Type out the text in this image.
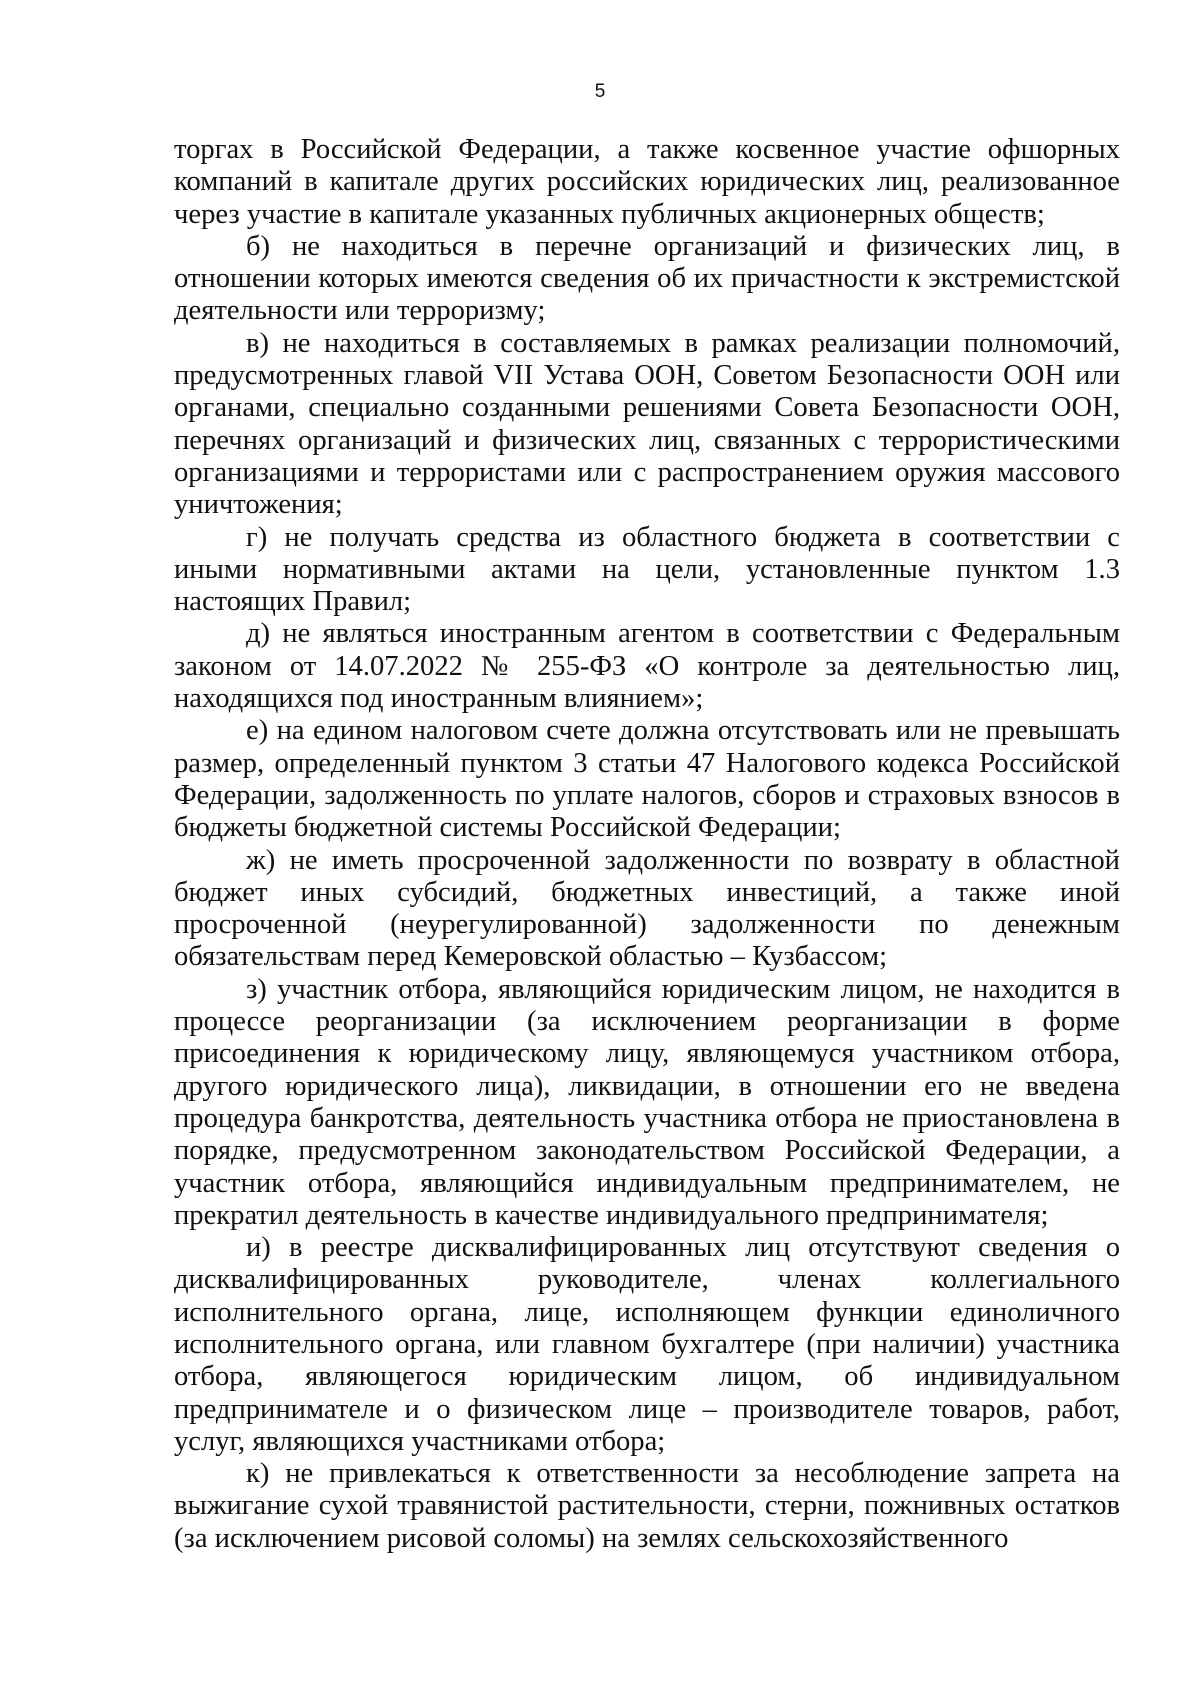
5

торгах в Российской Федерации, а также косвенное участие офшорных компаний в капитале других российских юридических лиц, реализованное через участие в капитале указанных публичных акционерных обществ;

б) не находиться в перечне организаций и физических лиц, в отношении которых имеются сведения об их причастности к экстремистской деятельности или терроризму;

в) не находиться в составляемых в рамках реализации полномочий, предусмотренных главой VII Устава ООН, Советом Безопасности ООН или органами, специально созданными решениями Совета Безопасности ООН, перечнях организаций и физических лиц, связанных с террористическими организациями и террористами или с распространением оружия массового уничтожения;

г) не получать средства из областного бюджета в соответствии с иными нормативными актами на цели, установленные пунктом 1.3 настоящих Правил;

д) не являться иностранным агентом в соответствии с Федеральным законом от 14.07.2022 № 255-ФЗ «О контроле за деятельностью лиц, находящихся под иностранным влиянием»;

е) на едином налоговом счете должна отсутствовать или не превышать размер, определенный пунктом 3 статьи 47 Налогового кодекса Российской Федерации, задолженность по уплате налогов, сборов и страховых взносов в бюджеты бюджетной системы Российской Федерации;

ж) не иметь просроченной задолженности по возврату в областной бюджет иных субсидий, бюджетных инвестиций, а также иной просроченной (неурегулированной) задолженности по денежным обязательствам перед Кемеровской областью – Кузбассом;

з) участник отбора, являющийся юридическим лицом, не находится в процессе реорганизации (за исключением реорганизации в форме присоединения к юридическому лицу, являющемуся участником отбора, другого юридического лица), ликвидации, в отношении его не введена процедура банкротства, деятельность участника отбора не приостановлена в порядке, предусмотренном законодательством Российской Федерации, а участник отбора, являющийся индивидуальным предпринимателем, не прекратил деятельность в качестве индивидуального предпринимателя;

и) в реестре дисквалифицированных лиц отсутствуют сведения о дисквалифицированных руководителе, членах коллегиального исполнительного органа, лице, исполняющем функции единоличного исполнительного органа, или главном бухгалтере (при наличии) участника отбора, являющегося юридическим лицом, об индивидуальном предпринимателе и о физическом лице – производителе товаров, работ, услуг, являющихся участниками отбора;

к) не привлекаться к ответственности за несоблюдение запрета на выжигание сухой травянистой растительности, стерни, пожнивных остатков (за исключением рисовой соломы) на землях сельскохозяйственного
